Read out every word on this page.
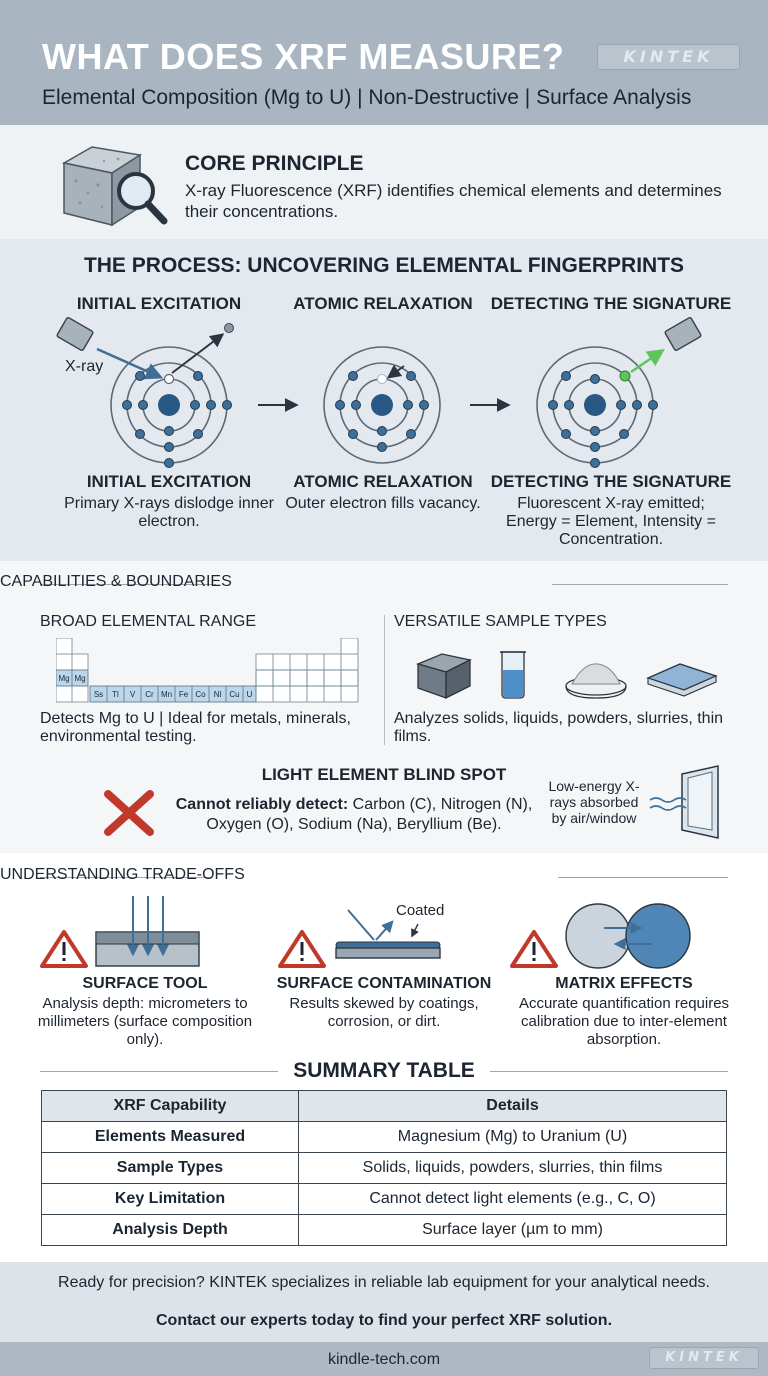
WHAT DOES XRF MEASURE?
Elemental Composition (Mg to U) | Non-Destructive | Surface Analysis
KINTEK
CORE PRINCIPLE
X-ray Fluorescence (XRF) identifies chemical elements and determines their concentrations.
THE PROCESS: UNCOVERING ELEMENTAL FINGERPRINTS
INITIAL EXCITATION	ATOMIC RELAXATION	DETECTING THE SIGNATURE
X-ray
INITIAL EXCITATION
Primary X-rays dislodge inner electron.
ATOMIC RELAXATION
Outer electron fills vacancy.
DETECTING THE SIGNATURE
Fluorescent X-ray emitted; Energy = Element, Intensity = Concentration.
CAPABILITIES & BOUNDARIES
BROAD ELEMENTAL RANGE
Mg Mg
Ss Tl V Cr Mn Fe Co Nl Cu U
Detects Mg to U | Ideal for metals, minerals, environmental testing.
VERSATILE SAMPLE TYPES
Analyzes solids, liquids, powders, slurries, thin films.
LIGHT ELEMENT BLIND SPOT
Cannot reliably detect: Carbon (C), Nitrogen (N), Oxygen (O), Sodium (Na), Beryllium (Be).
Low-energy X-rays absorbed by air/window
UNDERSTANDING TRADE-OFFS
Coated
SURFACE TOOL
Analysis depth: micrometers to millimeters (surface composition only).
SURFACE CONTAMINATION
Results skewed by coatings, corrosion, or dirt.
MATRIX EFFECTS
Accurate quantification requires calibration due to inter-element absorption.
SUMMARY TABLE
XRF Capability	Details
Elements Measured	Magnesium (Mg) to Uranium (U)
Sample Types	Solids, liquids, powders, slurries, thin films
Key Limitation	Cannot detect light elements (e.g., C, O)
Analysis Depth	Surface layer (µm to mm)
Ready for precision? KINTEK specializes in reliable lab equipment for your analytical needs.
Contact our experts today to find your perfect XRF solution.
kindle-tech.com	KINTEK
